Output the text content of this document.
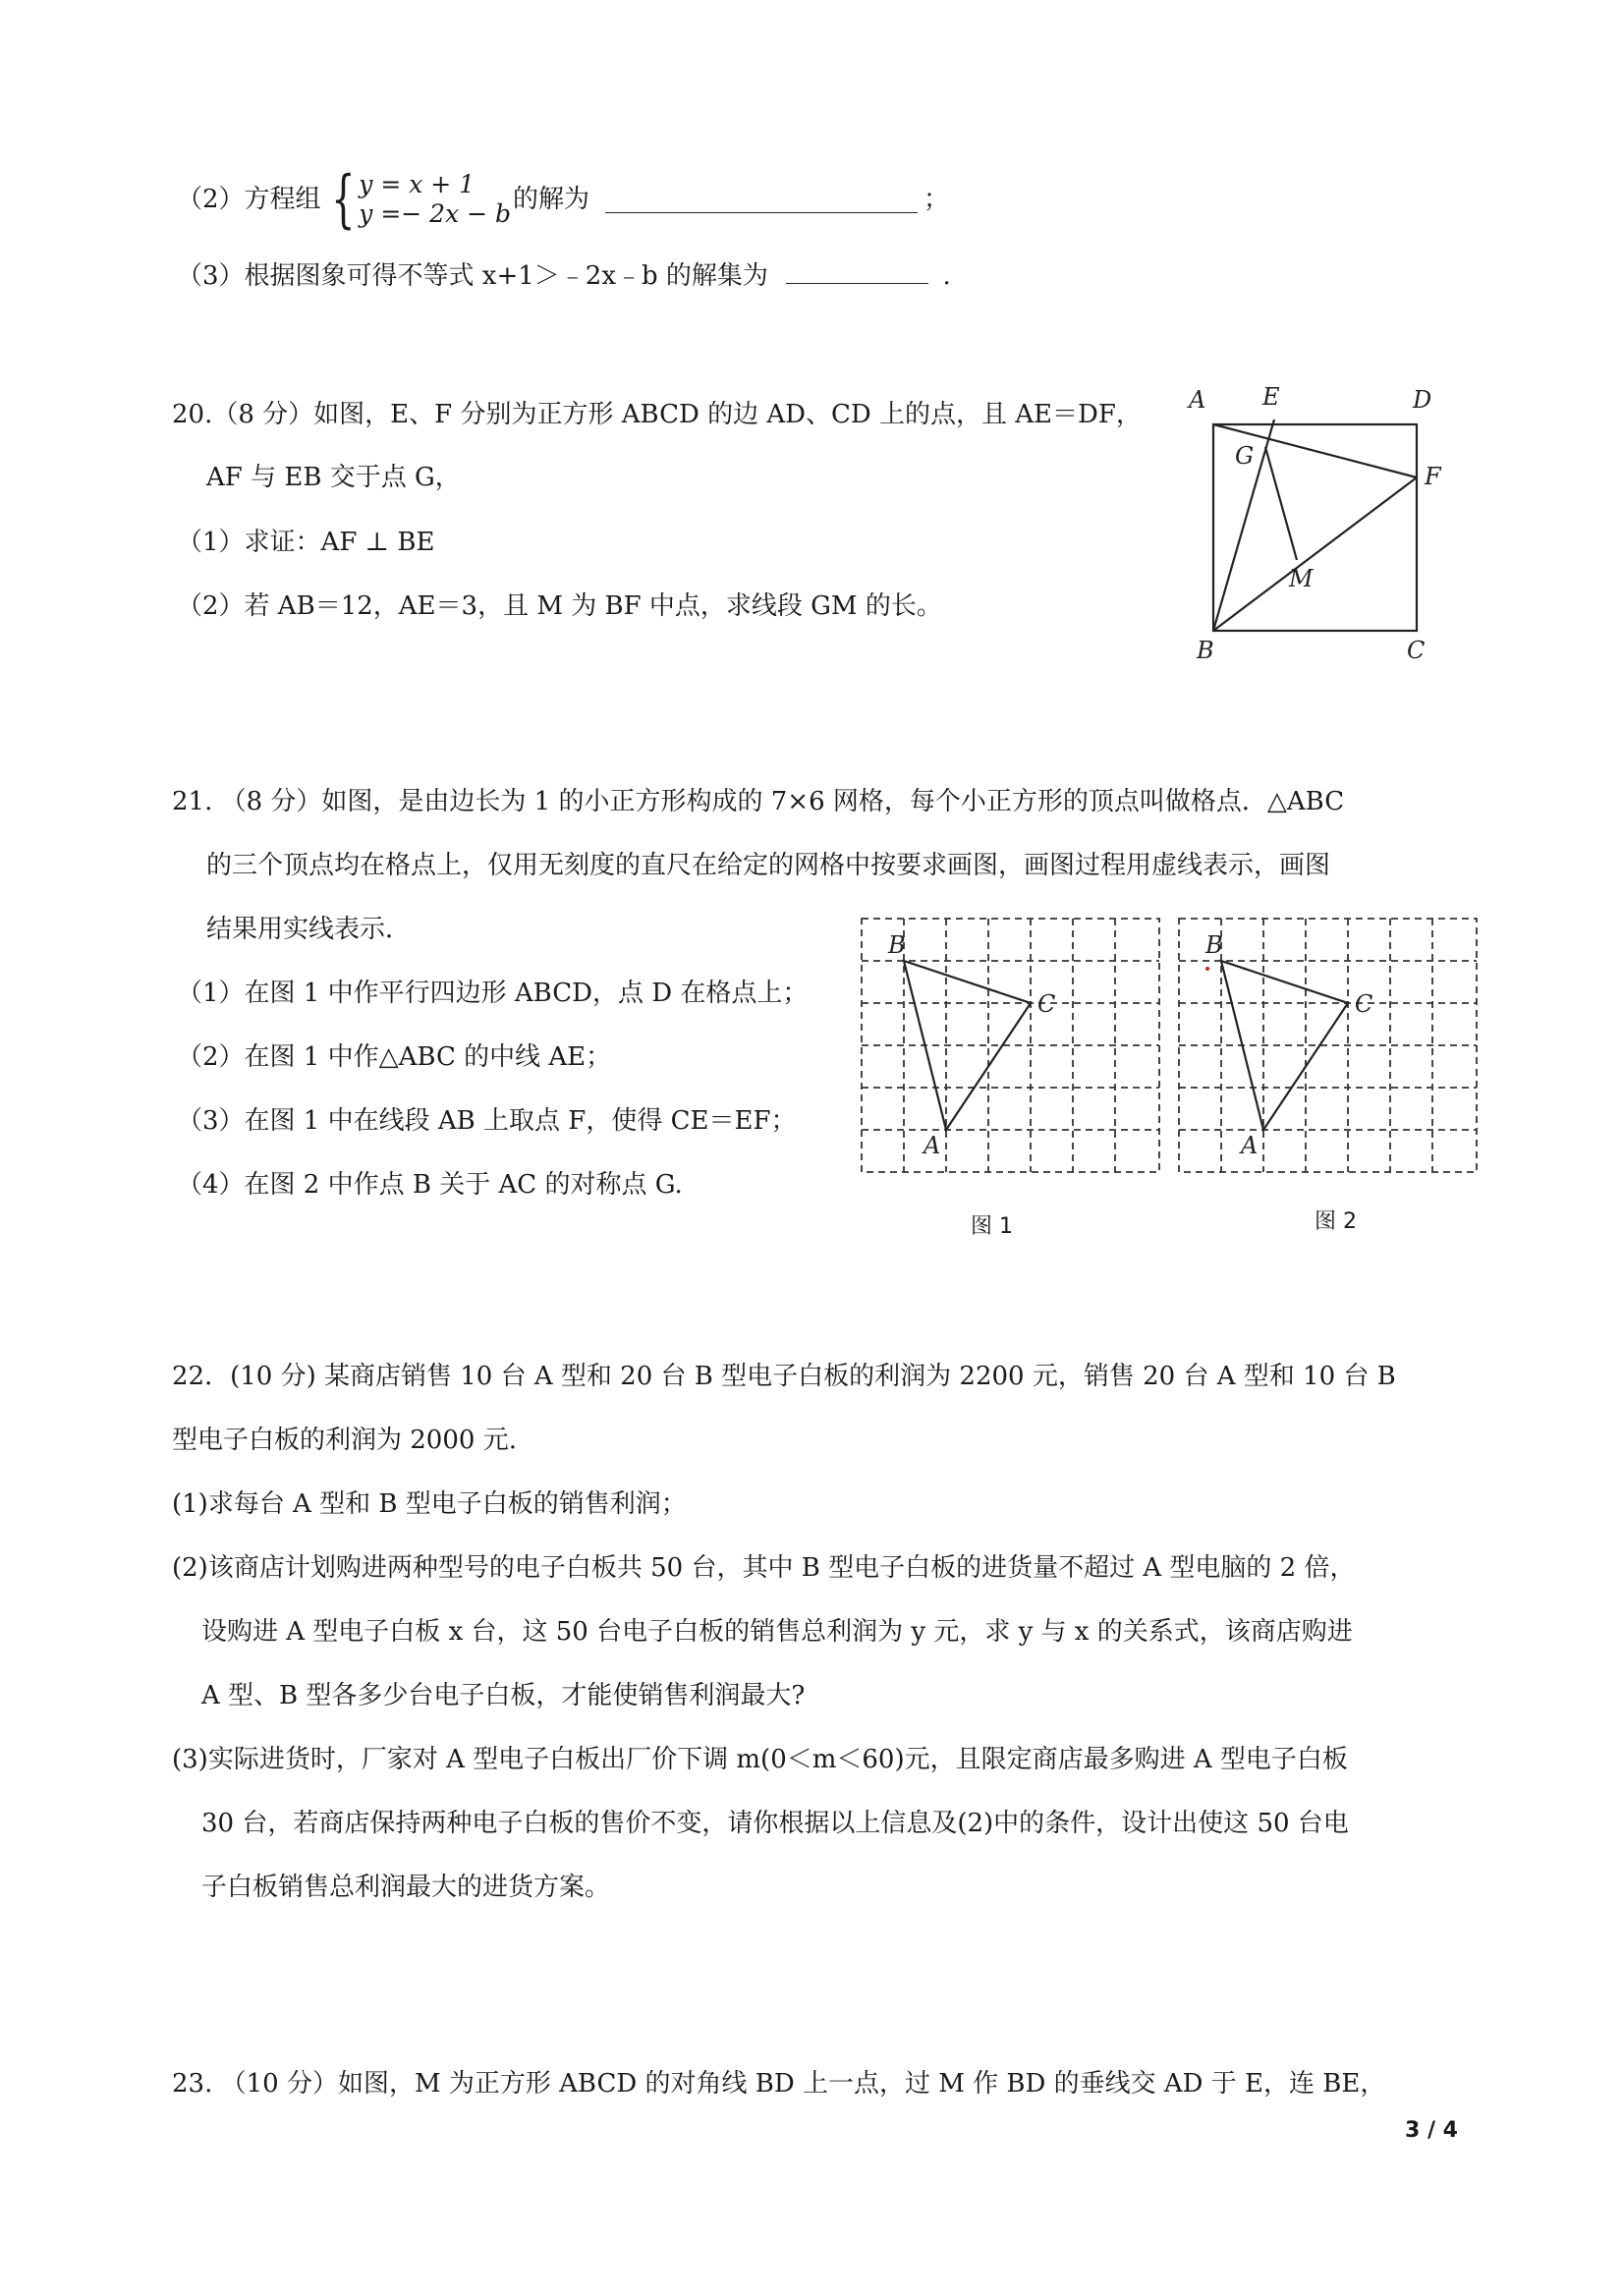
（2）方程组 { y = x + 1
y =− 2x − b 的解为	；
（3）根据图象可得不等式 x+1＞﹣2x﹣b 的解集为	.
20.（8 分）如图，E、F 分别为正方形 ABCD 的边 AD、CD 上的点，且 AE＝DF，
AF 与 EB 交于点 G，
（1）求证：AF ⊥ BE
（2）若 AB＝12，AE＝3，且 M 为 BF 中点，求线段 GM 的长。
A E	D
G
F
M
B	C
21. （8 分）如图，是由边长为 1 的小正方形构成的 7×6 网格，每个小正方形的顶点叫做格点．△ABC
的三个顶点均在格点上，仅用无刻度的直尺在给定的网格中按要求画图，画图过程用虚线表示，画图
结果用实线表示．
（1）在图 1 中作平行四边形 ABCD，点 D 在格点上；
（2）在图 1 中作△ABC 的中线 AE；
（3）在图 1 中在线段 AB 上取点 F，使得 CE＝EF；
（4）在图 2 中作点 B 关于 AC 的对称点 G.
B
C
A
图 1
B
C
A
图 2
22．(10 分) 某商店销售 10 台 A 型和 20 台 B 型电子白板的利润为 2200 元，销售 20 台 A 型和 10 台 B
型电子白板的利润为 2000 元.
(1)求每台 A 型和 B 型电子白板的销售利润；
(2)该商店计划购进两种型号的电子白板共 50 台，其中 B 型电子白板的进货量不超过 A 型电脑的 2 倍，
设购进 A 型电子白板 x 台，这 50 台电子白板的销售总利润为 y 元，求 y 与 x 的关系式，该商店购进
A 型、B 型各多少台电子白板，才能使销售利润最大?
(3)实际进货时，厂家对 A 型电子白板出厂价下调 m(0＜m＜60)元，且限定商店最多购进 A 型电子白板
30 台，若商店保持两种电子白板的售价不变，请你根据以上信息及(2)中的条件，设计出使这 50 台电
子白板销售总利润最大的进货方案。
23. （10 分）如图，M 为正方形 ABCD 的对角线 BD 上一点，过 M 作 BD 的垂线交 AD 于 E，连 BE，
3 / 4
